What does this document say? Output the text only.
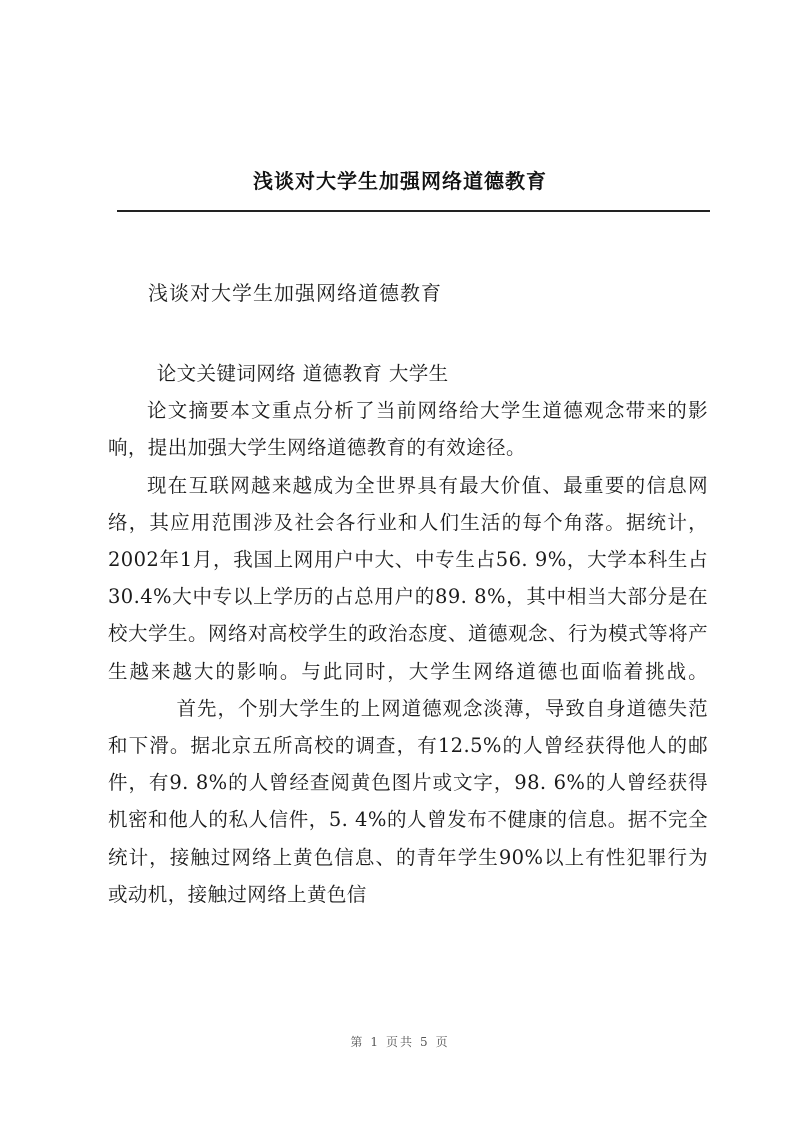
浅谈对大学生加强网络道德教育
浅谈对大学生加强网络道德教育

论文关键词网络 道德教育 大学生

论文摘要本文重点分析了当前网络给大学生道德观念带来的影响，提出加强大学生网络道德教育的有效途径。

现在互联网越来越成为全世界具有最大价值、最重要的信息网络，其应用范围涉及社会各行业和人们生活的每个角落。据统计，2002年1月，我国上网用户中大、中专生占56. 9%，大学本科生占30.4%大中专以上学历的占总用户的89. 8%，其中相当大部分是在校大学生。网络对高校学生的政治态度、道德观念、行为模式等将产生越来越大的影响。与此同时，大学生网络道德也面临着挑战。首先，个别大学生的上网道德观念淡薄，导致自身道德失范和下滑。据北京五所高校的调查，有12.5%的人曾经获得他人的邮件，有9. 8%的人曾经查阅黄色图片或文字，98. 6%的人曾经获得机密和他人的私人信件，5. 4%的人曾发布不健康的信息。据不完全统计，接触过网络上黄色信息、的青年学生90%以上有性犯罪行为或动机，接触过网络上黄色信

第 1 页共 5 页
